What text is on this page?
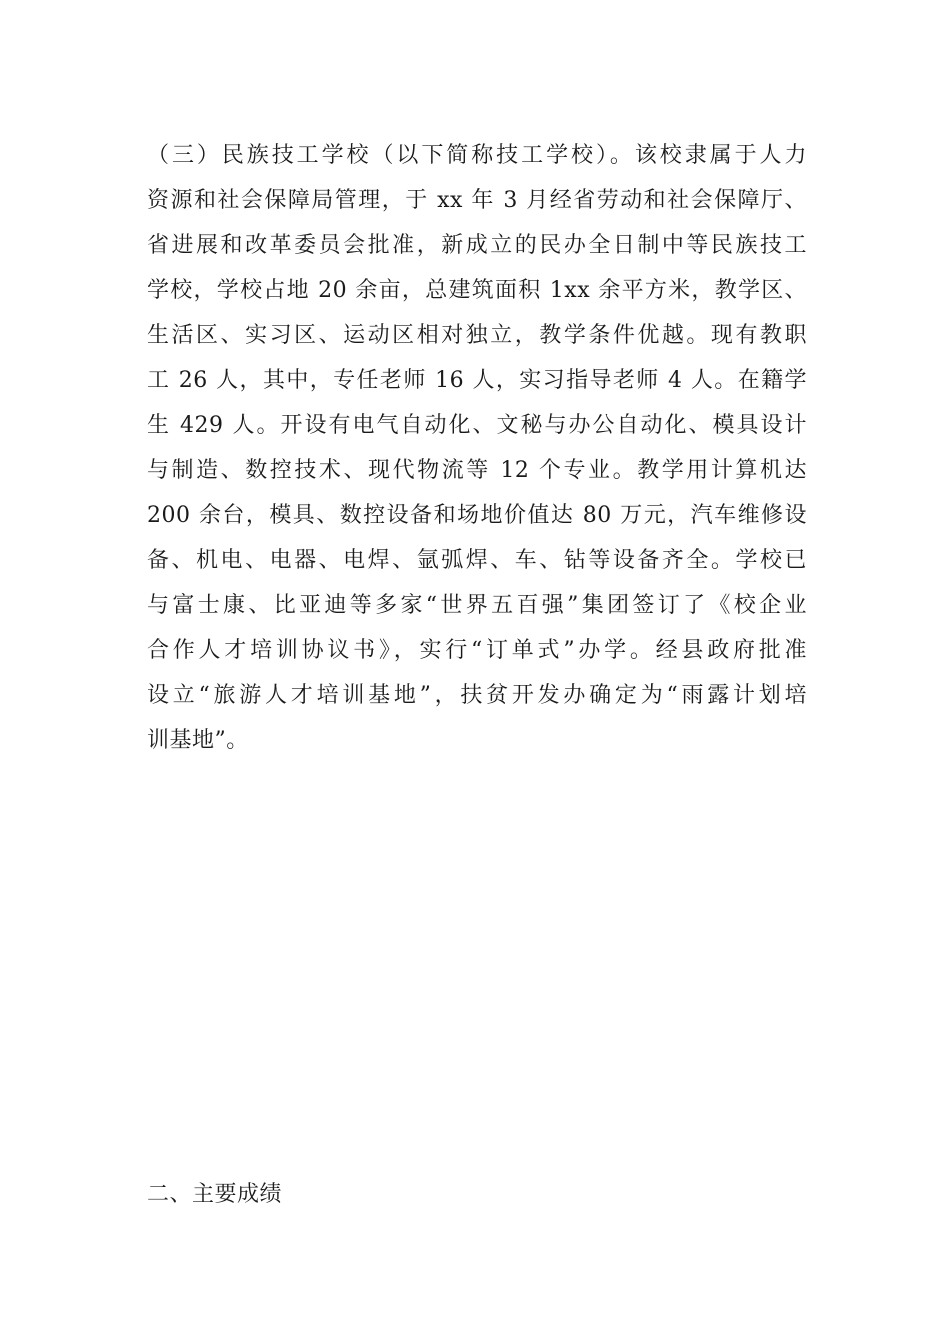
（三）民族技工学校（以下简称技工学校）。该校隶属于人力
资源和社会保障局管理，于 xx 年 3 月经省劳动和社会保障厅、
省进展和改革委员会批准，新成立的民办全日制中等民族技工
学校，学校占地 20 余亩，总建筑面积 1xx 余平方米，教学区、
生活区、实习区、运动区相对独立，教学条件优越。现有教职
工 26 人，其中，专任老师 16 人，实习指导老师 4 人。在籍学
生 429 人。开设有电气自动化、文秘与办公自动化、模具设计
与制造、数控技术、现代物流等 12 个专业。教学用计算机达
200 余台，模具、数控设备和场地价值达 80 万元，汽车维修设
备、机电、电器、电焊、氩弧焊、车、钻等设备齐全。学校已
与富士康、比亚迪等多家“世界五百强”集团签订了《校企业
合作人才培训协议书》，实行“订单式”办学。经县政府批准
设立“旅游人才培训基地”，扶贫开发办确定为“雨露计划培
训基地”。

二、主要成绩
